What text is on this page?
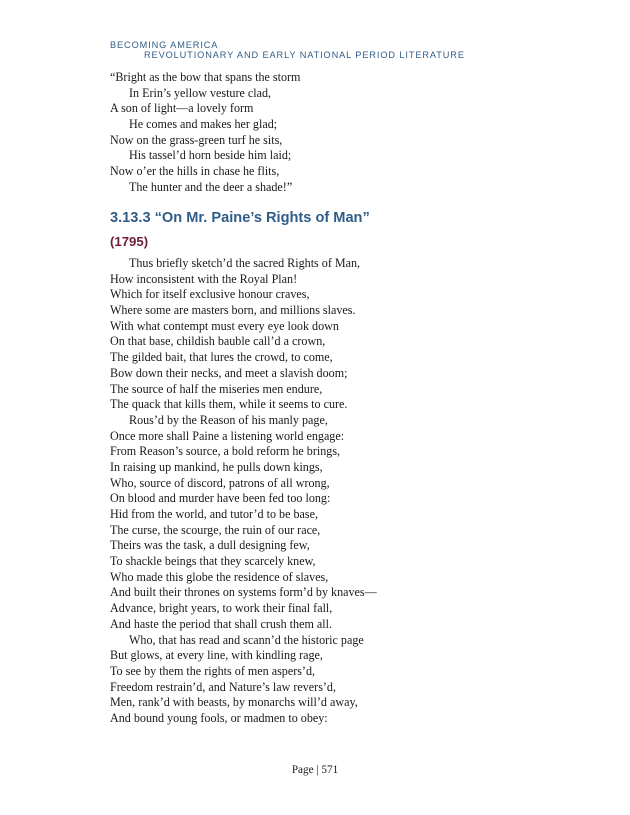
BECOMING AMERICA REVOLUTIONARY AND EARLY NATIONAL PERIOD LITERATURE
“Bright as the bow that spans the storm
In Erin’s yellow vesture clad,
A son of light—a lovely form
He comes and makes her glad;
Now on the grass-green turf he sits,
His tassel’d horn beside him laid;
Now o’er the hills in chase he flits,
The hunter and the deer a shade!”
3.13.3 “On Mr. Paine’s Rights of Man”
(1795)
Thus briefly sketch’d the sacred Rights of Man,
How inconsistent with the Royal Plan!
Which for itself exclusive honour craves,
Where some are masters born, and millions slaves.
With what contempt must every eye look down
On that base, childish bauble call’d a crown,
The gilded bait, that lures the crowd, to come,
Bow down their necks, and meet a slavish doom;
The source of half the miseries men endure,
The quack that kills them, while it seems to cure.
Rous’d by the Reason of his manly page,
Once more shall Paine a listening world engage:
From Reason’s source, a bold reform he brings,
In raising up mankind, he pulls down kings,
Who, source of discord, patrons of all wrong,
On blood and murder have been fed too long:
Hid from the world, and tutor’d to be base,
The curse, the scourge, the ruin of our race,
Theirs was the task, a dull designing few,
To shackle beings that they scarcely knew,
Who made this globe the residence of slaves,
And built their thrones on systems form’d by knaves—
Advance, bright years, to work their final fall,
And haste the period that shall crush them all.
Who, that has read and scann’d the historic page
But glows, at every line, with kindling rage,
To see by them the rights of men aspers’d,
Freedom restrain’d, and Nature’s law revers’d,
Men, rank’d with beasts, by monarchs will’d away,
And bound young fools, or madmen to obey:
Page | 571
